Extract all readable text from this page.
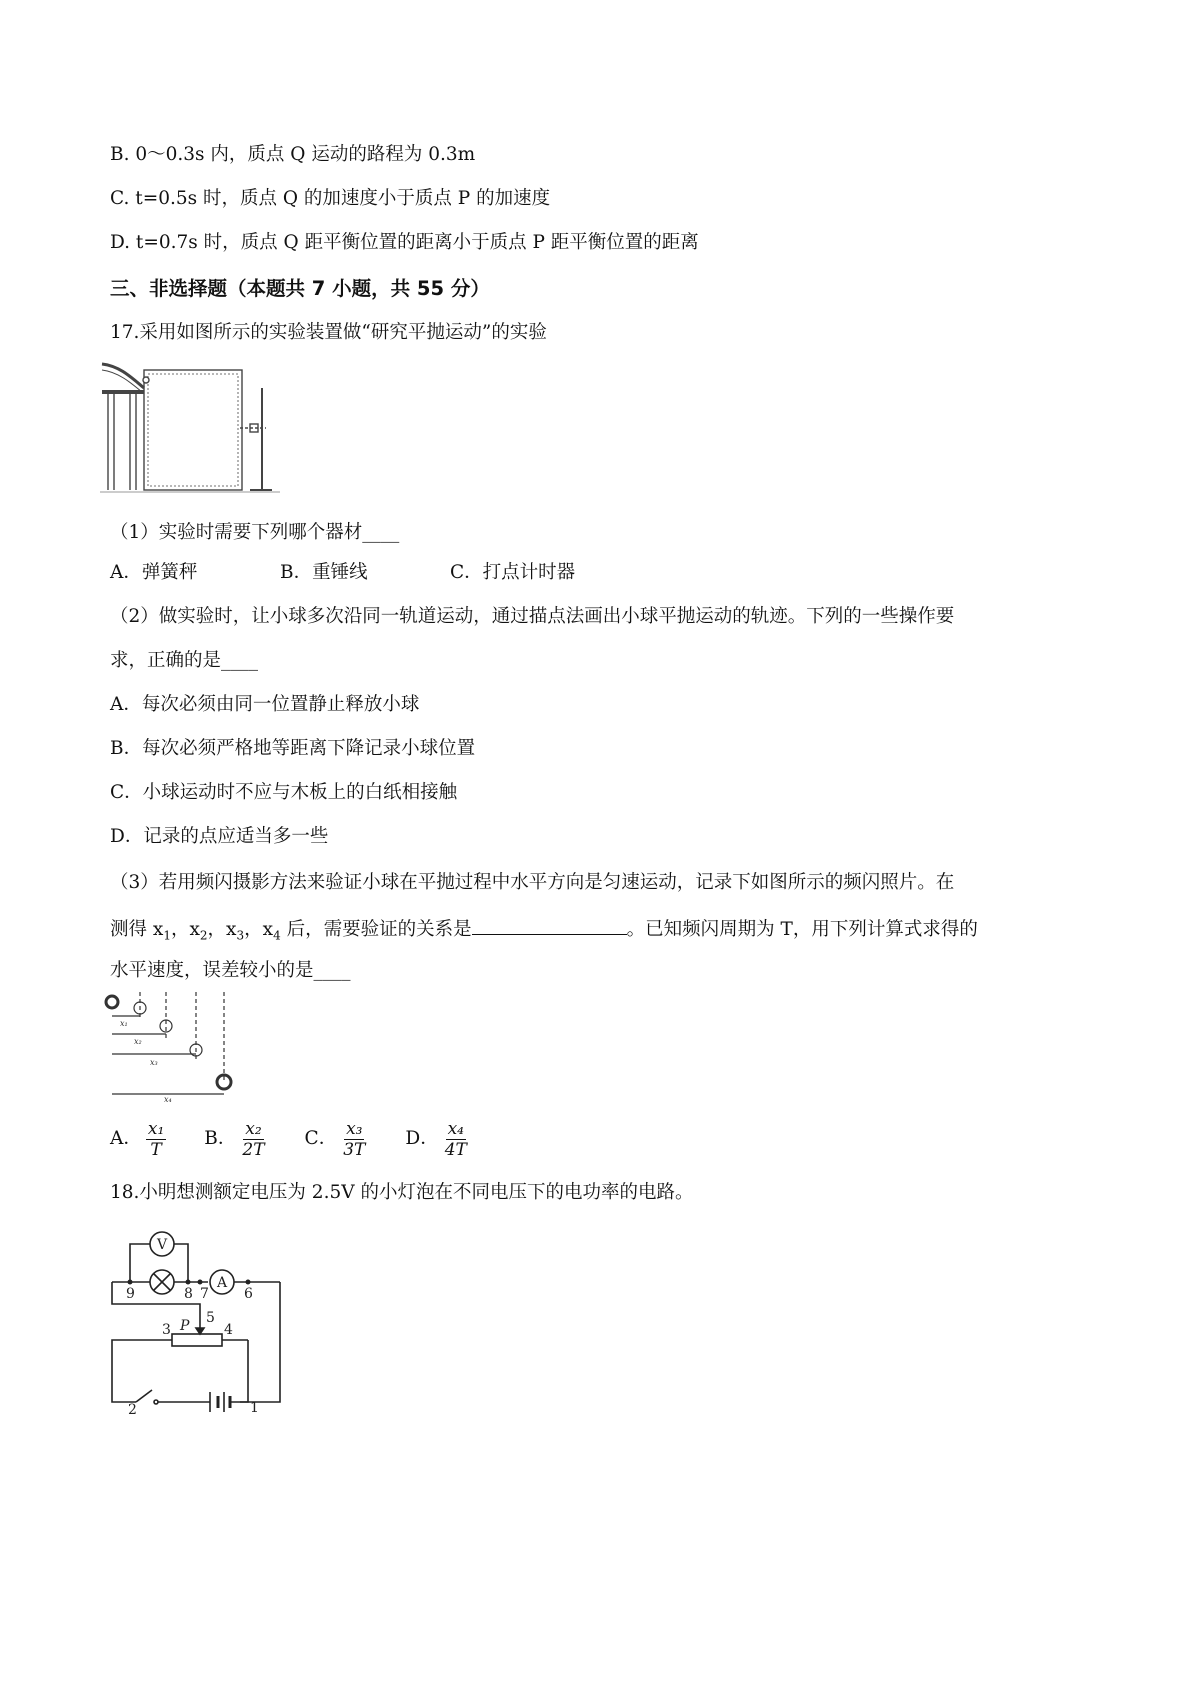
B. 0～0.3s 内，质点 Q 运动的路程为 0.3m
C. t=0.5s 时，质点 Q 的加速度小于质点 P 的加速度
D. t=0.7s 时，质点 Q 距平衡位置的距离小于质点 P 距平衡位置的距离
三、非选择题（本题共 7 小题，共 55 分）
17.采用如图所示的实验装置做“研究平抛运动”的实验
（1）实验时需要下列哪个器材____
A．弹簧秤	B．重锤线	C．打点计时器
（2）做实验时，让小球多次沿同一轨道运动，通过描点法画出小球平抛运动的轨迹。下列的一些操作要
求，正确的是____
A．每次必须由同一位置静止释放小球
B．每次必须严格地等距离下降记录小球位置
C．小球运动时不应与木板上的白纸相接触
D．记录的点应适当多一些
（3）若用频闪摄影方法来验证小球在平抛过程中水平方向是匀速运动，记录下如图所示的频闪照片。在
测得 $x_1$，$x_2$，$x_3$，$x_4$ 后，需要验证的关系是	。已知频闪周期为 T，用下列计算式求得的
水平速度，误差较小的是____
x₁
x₂
x₃
x₄
A． $\frac{\text{x₁}}{T}$ B． $\frac{\text{x₂}}{2T}$ C． $\frac{\text{x₃}}{3T}$ D． $\frac{\text{x₄}}{4T}$
18.小明想测额定电压为 2.5V 的小灯泡在不同电压下的电功率的电路。
V
A
P
1
2
3	4
5
6
7
8
9
